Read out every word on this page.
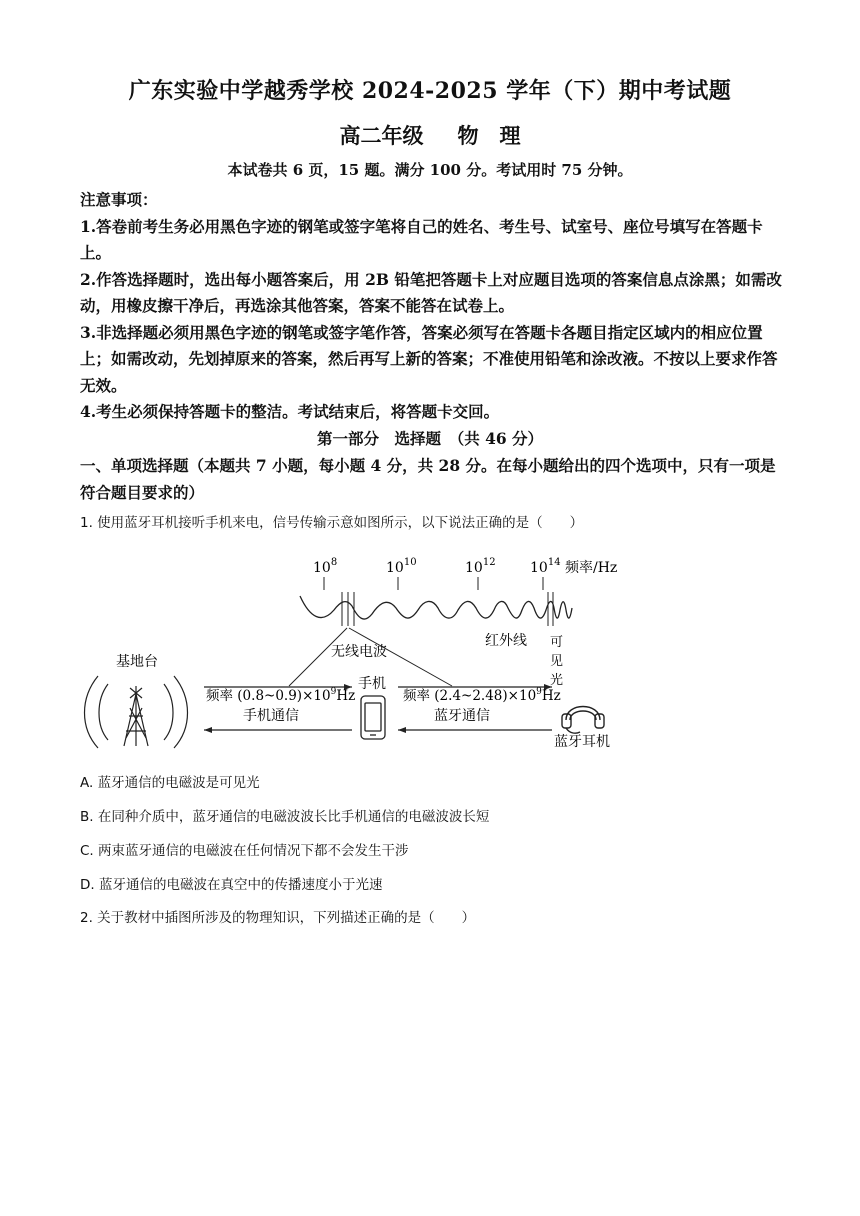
广东实验中学越秀学校 2024-2025 学年（下）期中考试题
高二年级 物　理
本试卷共 6 页，15 题。满分 100 分。考试用时 75 分钟。

注意事项：

1.答卷前考生务必用黑色字迹的钢笔或签字笔将自己的姓名、考生号、试室号、座位号填写在答题卡上。

2.作答选择题时，选出每小题答案后，用 2B 铅笔把答题卡上对应题目选项的答案信息点涂黑；如需改动，用橡皮擦干净后，再选涂其他答案，答案不能答在试卷上。

3.非选择题必须用黑色字迹的钢笔或签字笔作答，答案必须写在答题卡各题目指定区域内的相应位置上；如需改动，先划掉原来的答案，然后再写上新的答案；不准使用铅笔和涂改液。不按以上要求作答无效。

4.考生必须保持答题卡的整洁。考试结束后，将答题卡交回。

第一部分　选择题　（共 46 分）
一、单项选择题（本题共 7 小题，每小题 4 分，共 28 分。在每小题给出的四个选项中，只有一项是符合题目要求的）
1. 使用蓝牙耳机接听手机来电，信号传输示意如图所示，以下说法正确的是（　　）
$10^8$	$10^{10}$	$10^{12}$ $10^{14}$ 频率/Hz
无线电波
红外线 可
见
光
基地台
手机
频率 $(0.8\sim 0.9)\times 10^9Hz$
手机通信
频率 $(2.4\sim 2.48)\times 10^9Hz$
蓝牙通信
蓝牙耳机
A. 蓝牙通信的电磁波是可见光
B. 在同种介质中，蓝牙通信的电磁波波长比手机通信的电磁波波长短
C. 两束蓝牙通信的电磁波在任何情况下都不会发生干涉
D. 蓝牙通信的电磁波在真空中的传播速度小于光速
2. 关于教材中插图所涉及的物理知识，下列描述正确的是（　　）
